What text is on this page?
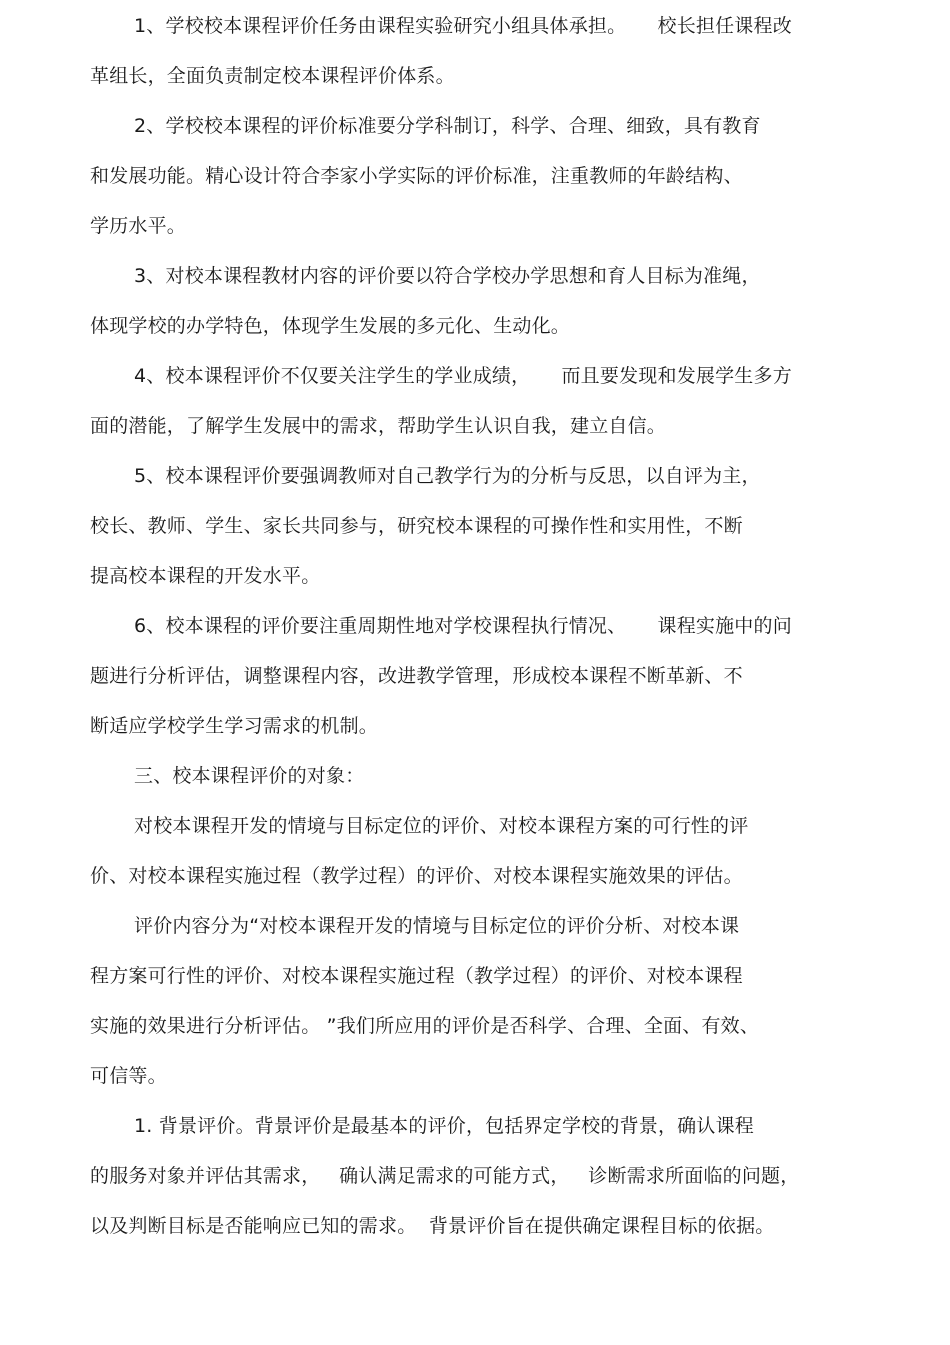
1、学校校本课程评价任务由课程实验研究小组具体承担。     校长担任课程改

革组长，全面负责制定校本课程评价体系。

2、学校校本课程的评价标准要分学科制订，科学、合理、细致，具有教育

和发展功能。精心设计符合李家小学实际的评价标准，注重教师的年龄结构、

学历水平。

3、对校本课程教材内容的评价要以符合学校办学思想和育人目标为准绳，

体现学校的办学特色，体现学生发展的多元化、生动化。

4、校本课程评价不仅要关注学生的学业成绩，     而且要发现和发展学生多方

面的潜能，了解学生发展中的需求，帮助学生认识自我，建立自信。

5、校本课程评价要强调教师对自己教学行为的分析与反思，以自评为主，

校长、教师、学生、家长共同参与，研究校本课程的可操作性和实用性，不断

提高校本课程的开发水平。

6、校本课程的评价要注重周期性地对学校课程执行情况、     课程实施中的问

题进行分析评估，调整课程内容，改进教学管理，形成校本课程不断革新、不

断适应学校学生学习需求的机制。

三、校本课程评价的对象：

对校本课程开发的情境与目标定位的评价、对校本课程方案的可行性的评

价、对校本课程实施过程（教学过程）的评价、对校本课程实施效果的评估。

评价内容分为“对校本课程开发的情境与目标定位的评价分析、对校本课

程方案可行性的评价、对校本课程实施过程（教学过程）的评价、对校本课程

实施的效果进行分析评估。 ”我们所应用的评价是否科学、合理、全面、有效、

可信等。

1. 背景评价。背景评价是最基本的评价，包括界定学校的背景，确认课程

的服务对象并评估其需求，   确认满足需求的可能方式，   诊断需求所面临的问题，

以及判断目标是否能响应已知的需求。  背景评价旨在提供确定课程目标的依据。
